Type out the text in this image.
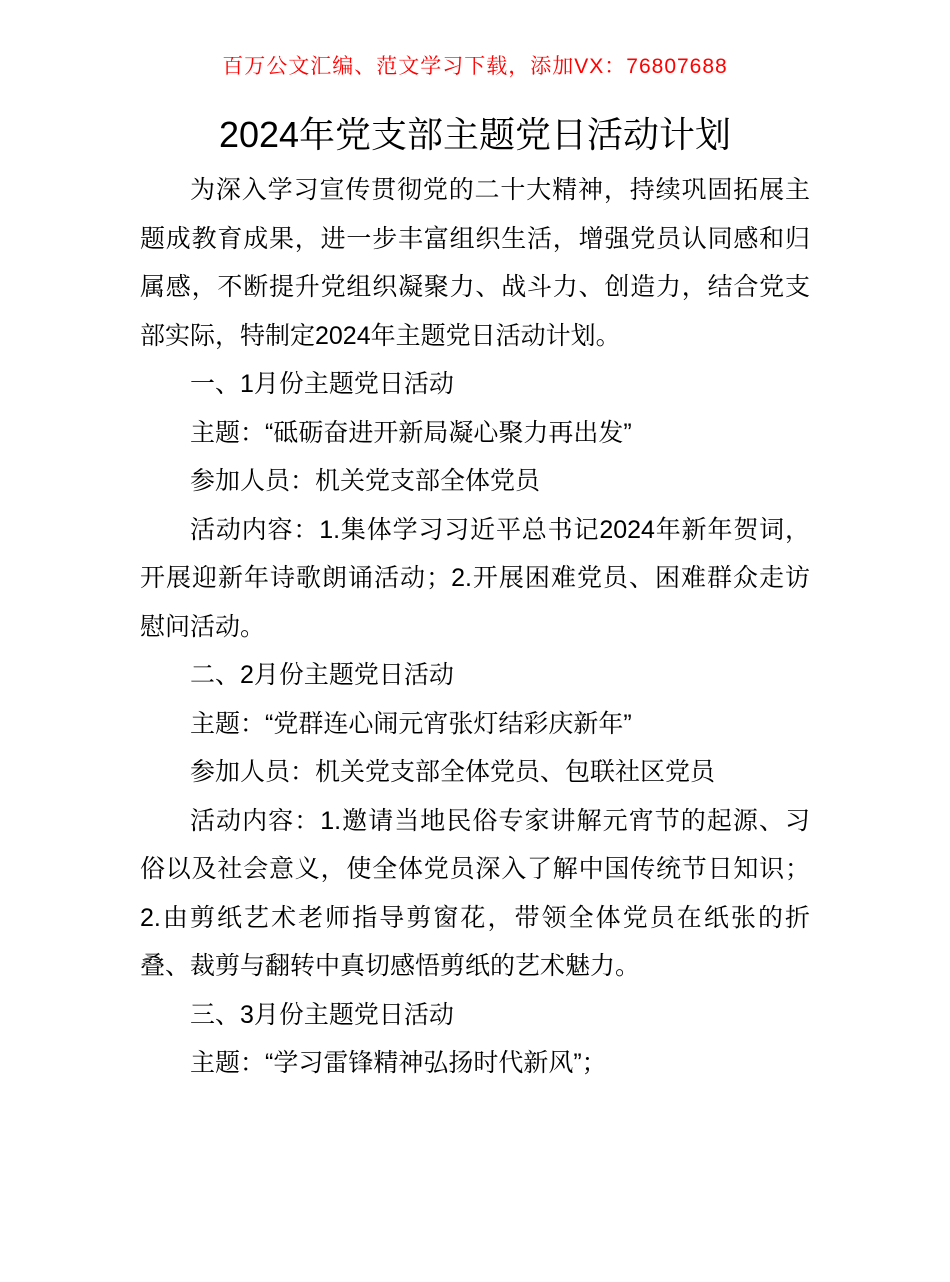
百万公文汇编、范文学习下载，添加VX：76807688
2024年党支部主题党日活动计划

为深入学习宣传贯彻党的二十大精神，持续巩固拓展主题成教育成果，进一步丰富组织生活，增强党员认同感和归属感，不断提升党组织凝聚力、战斗力、创造力，结合党支部实际，特制定2024年主题党日活动计划。

一、1月份主题党日活动

主题：“砥砺奋进开新局凝心聚力再出发”

参加人员：机关党支部全体党员

活动内容：1.集体学习习近平总书记2024年新年贺词，开展迎新年诗歌朗诵活动；2.开展困难党员、困难群众走访慰问活动。

二、2月份主题党日活动

主题：“党群连心闹元宵张灯结彩庆新年”

参加人员：机关党支部全体党员、包联社区党员

活动内容：1.邀请当地民俗专家讲解元宵节的起源、习俗以及社会意义，使全体党员深入了解中国传统节日知识；2.由剪纸艺术老师指导剪窗花，带领全体党员在纸张的折叠、裁剪与翻转中真切感悟剪纸的艺术魅力。

三、3月份主题党日活动

主题：“学习雷锋精神弘扬时代新风”；
